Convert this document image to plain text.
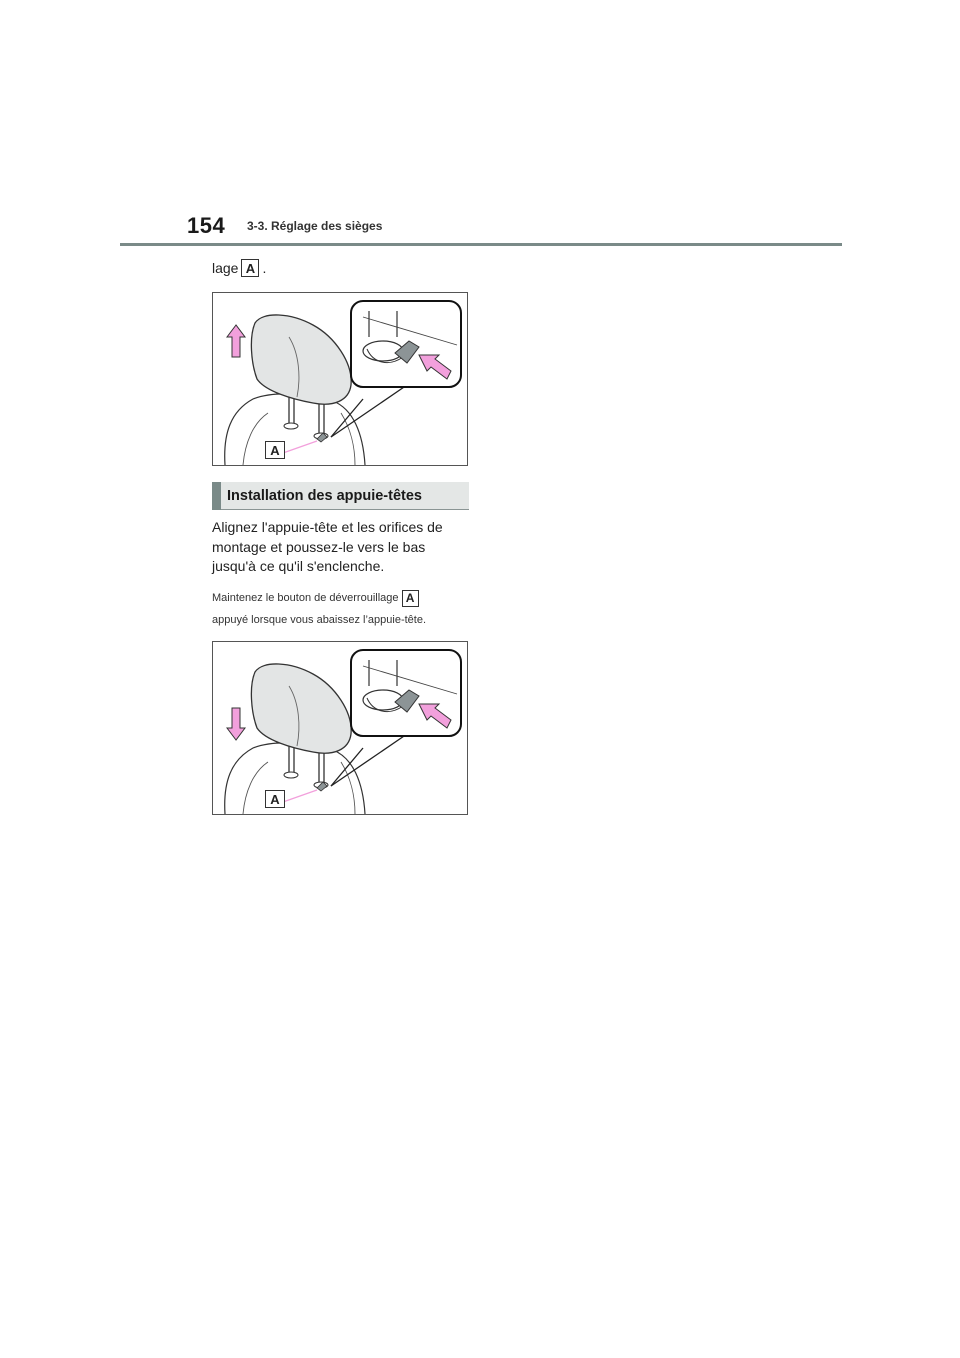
154 3-3. Réglage des sièges
lage A .
A
Installation des appuie-têtes
Alignez l'appuie-tête et les orifices de montage et poussez-le vers le bas jusqu'à ce qu'il s'enclenche.
Maintenez le bouton de déverrouillage A
appuyé lorsque vous abaissez l’appuie-tête.
A
